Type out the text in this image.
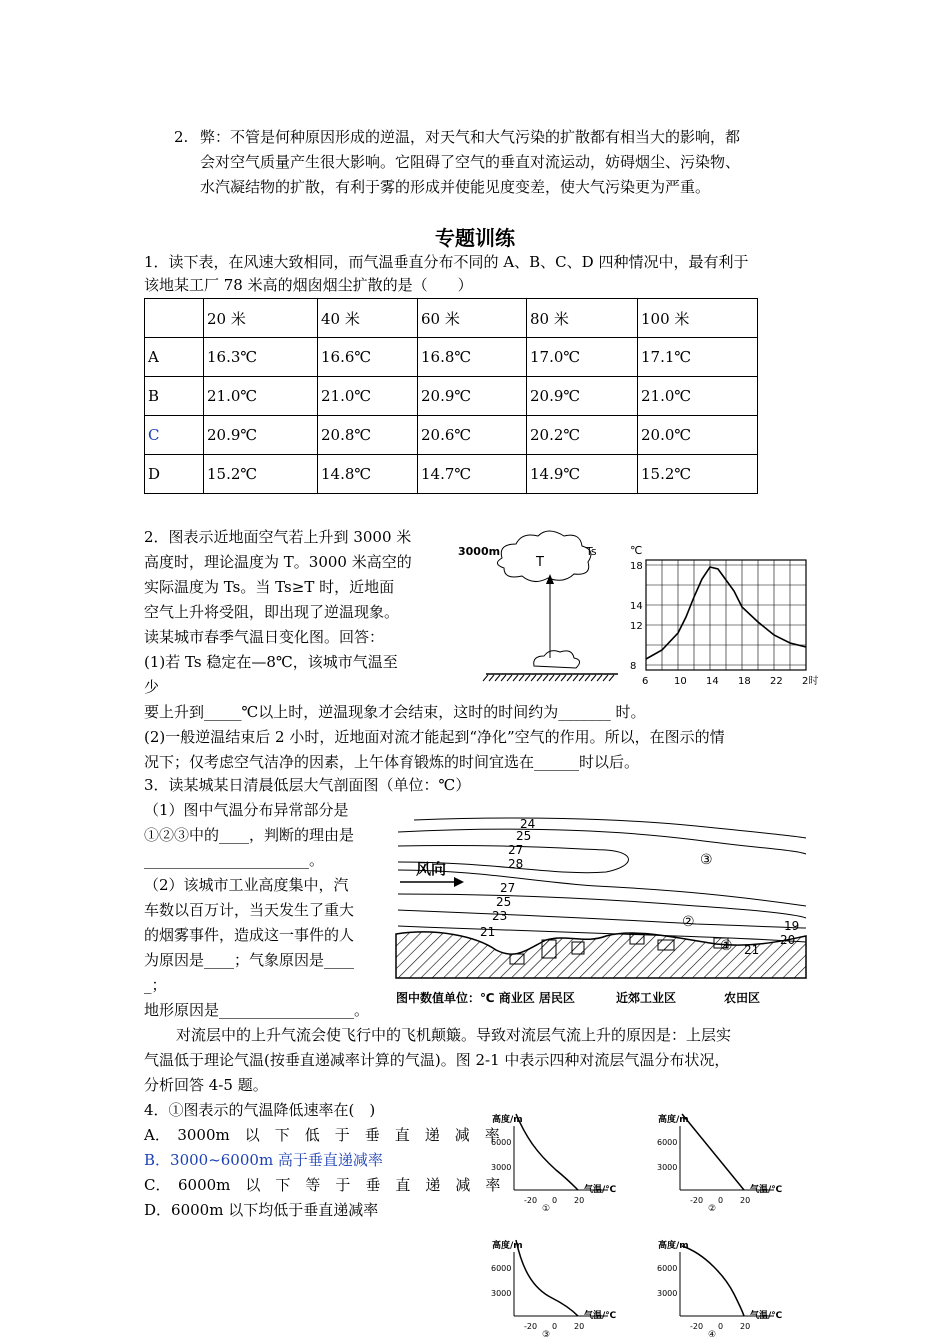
2. 弊：不管是何种原因形成的逆温，对天气和大气污染的扩散都有相当大的影响，都
会对空气质量产生很大影响。它阻碍了空气的垂直对流运动，妨碍烟尘、污染物、
水汽凝结物的扩散，有利于雾的形成并使能见度变差，使大气污染更为严重。
专题训练
1．读下表，在风速大致相同，而气温垂直分布不同的 A、B、C、D 四种情况中，最有利于
该地某工厂 78 米高的烟囱烟尘扩散的是（　　）
	20 米	40 米	60 米	80 米	100 米
A	16.3℃	16.6℃	16.8℃	17.0℃	17.1℃
B	21.0℃	21.0℃	20.9℃	20.9℃	21.0℃
C	20.9℃	20.8℃	20.6℃	20.2℃	20.0℃
D	15.2℃	14.8℃	14.7℃	14.9℃	15.2℃
2．图表示近地面空气若上升到 3000 米
高度时，理论温度为 T。3000 米高空的
实际温度为 Ts。当 Ts≥T 时，近地面
空气上升将受阻，即出现了逆温现象。
读某城市春季气温日变化图。回答：
(1)若 Ts 稳定在—8℃，该城市气温至
少
要上升到_____℃以上时，逆温现象才会结束，这时的时间约为_______ 时。
(2)一般逆温结束后 2 小时，近地面对流才能起到“净化”空气的作用。所以，在图示的情
况下；仅考虑空气洁净的因素，上午体育锻炼的时间宜选在______时以后。
T
3000m	Ts	℃
6	10 14 18 22 2时
8
12
14
18
3．读某城某日清晨低层大气剖面图（单位：℃）
（1）图中气温分布异常部分是
①②③中的____，判断的理由是
______________________。
（2）该城市工业高度集中，汽
车数以百万计，当天发生了重大
的烟雾事件，造成这一事件的人
为原因是____；气象原因是____
_；
地形原因是__________________。
风向
24
25
27
28
27
25
23
21	19
20
21
③
②
①
图中数值单位：℃ 商业区 居民区	近郊工业区	农田区
对流层中的上升气流会使飞行中的飞机颠簸。导致对流层气流上升的原因是：上层实
气温低于理论气温(按垂直递减率计算的气温)。图 2-1 中表示四种对流层气温分布状况，
分析回答 4-5 题。
4．①图表示的气温降低速率在(　)
A．　3000m　以　下　低　于　垂　直　递　减　率
B．3000~6000m 高于垂直递减率
C．　6000m　以　下　等　于　垂　直　递　减　率
D．6000m 以下均低于垂直递减率
高度/m
6000
3000
-20 0 20
气温/℃
①
高度/m
6000
3000
-20 0 20
气温/℃
②
高度/m
6000
3000
-20 0 20
气温/℃
③
高度/m
6000
3000
-20 0 20
气温/℃
④
